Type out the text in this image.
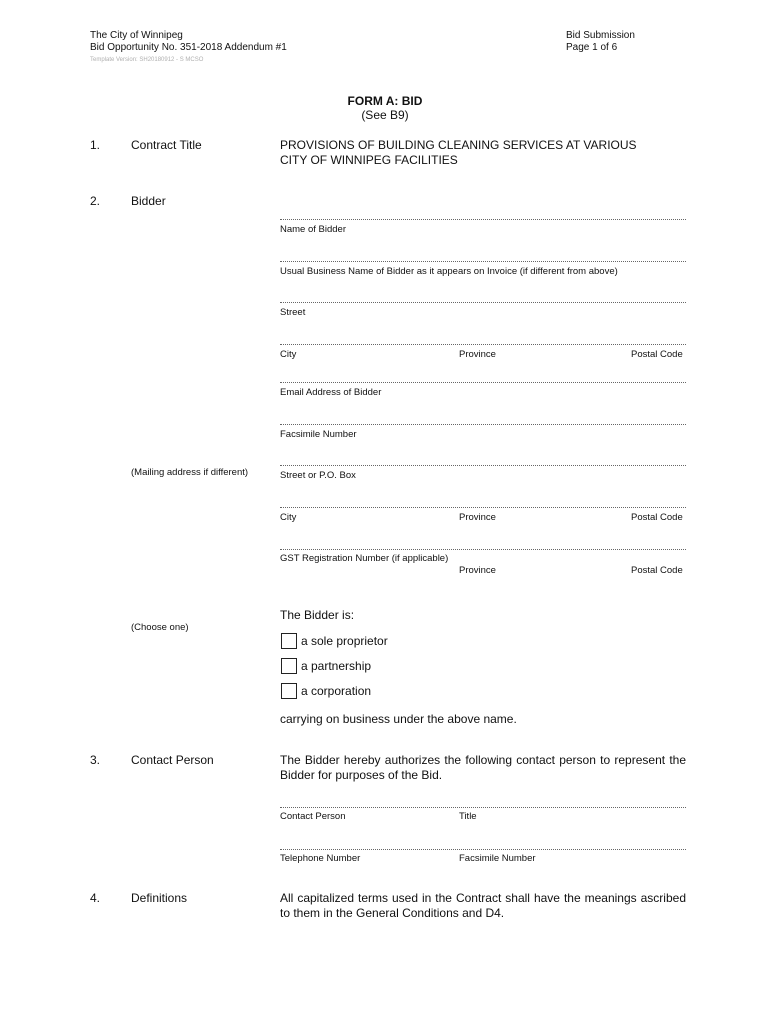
The City of Winnipeg
Bid Opportunity No. 351-2018 Addendum #1
Bid Submission
Page 1 of 6
Template Version: SH20180912 - S MCSO
FORM A: BID
(See B9)
1.	Contract Title	PROVISIONS OF BUILDING CLEANING SERVICES AT VARIOUS
CITY OF WINNIPEG FACILITIES
2.	Bidder
Name of Bidder
Usual Business Name of Bidder as it appears on Invoice (if different from above)
Street
City	Province	Postal Code
Email Address of Bidder
Facsimile Number
(Mailing address if different)	Street or P.O. Box
City	Province	Postal Code
GST Registration Number (if applicable)
Province	Postal Code
The Bidder is:
(Choose one)
a sole proprietor
a partnership
a corporation
carrying on business under the above name.
3.	Contact Person	The Bidder hereby authorizes the following contact person to represent the Bidder for purposes of the Bid.
Contact Person	Title
Telephone Number	Facsimile Number
4.	Definitions	All capitalized terms used in the Contract shall have the meanings ascribed to them in the General Conditions and D4.
